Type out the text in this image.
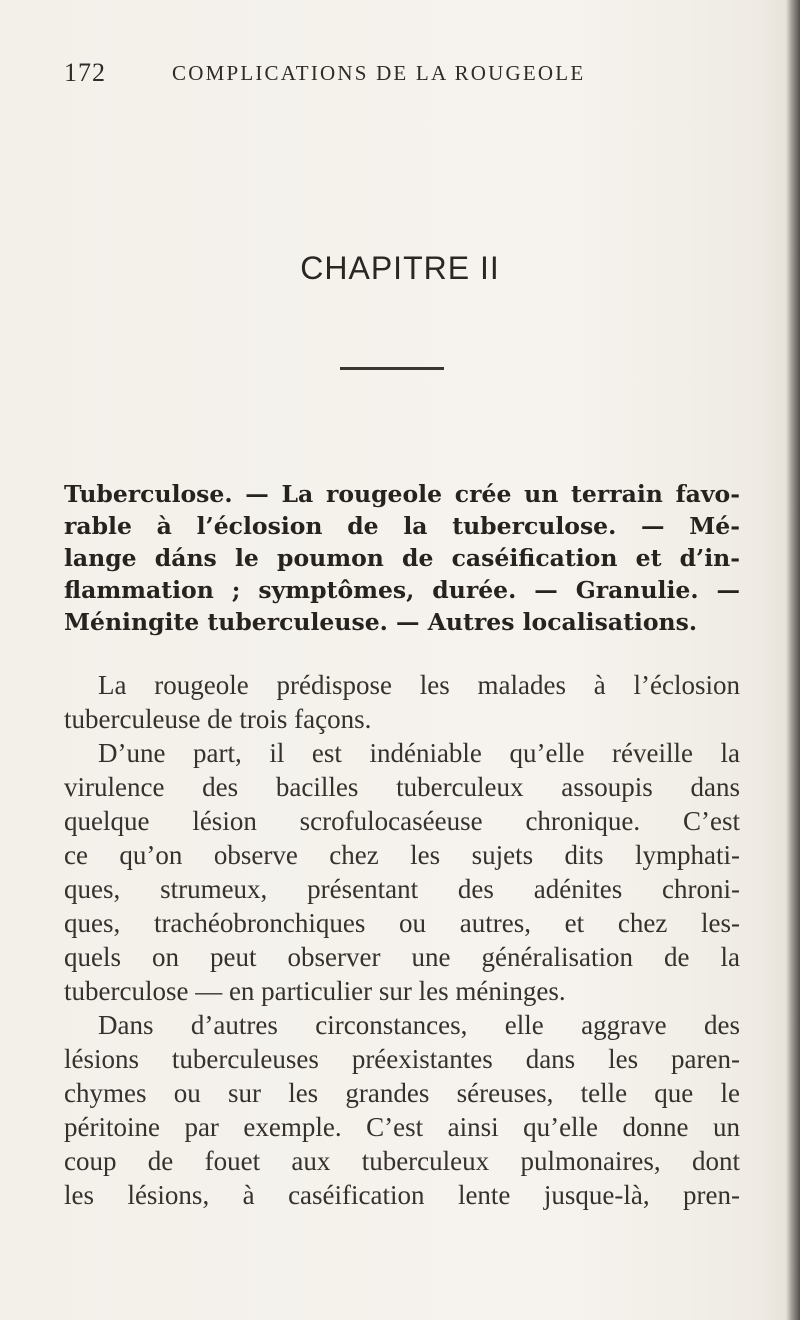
172	COMPLICATIONS DE LA ROUGEOLE
CHAPITRE II
Tuberculose. — La rougeole crée un terrain favo-
rable à l’éclosion de la tuberculose. — Mé-
lange dáns le poumon de caséification et d’in-
flammation ; symptômes, durée. — Granulie. —
Méningite tuberculeuse. — Autres localisations.
La rougeole prédispose les malades à l’éclosion
tuberculeuse de trois façons.
D’une part, il est indéniable qu’elle réveille la
virulence des bacilles tuberculeux assoupis dans
quelque lésion scrofulocaséeuse chronique. C’est
ce qu’on observe chez les sujets dits lymphati-
ques, strumeux, présentant des adénites chroni-
ques, trachéobronchiques ou autres, et chez les-
quels on peut observer une généralisation de la
tuberculose — en particulier sur les méninges.
Dans d’autres circonstances, elle aggrave des
lésions tuberculeuses préexistantes dans les paren-
chymes ou sur les grandes séreuses, telle que le
péritoine par exemple. C’est ainsi qu’elle donne un
coup de fouet aux tuberculeux pulmonaires, dont
les lésions, à caséification lente jusque-là, pren-
